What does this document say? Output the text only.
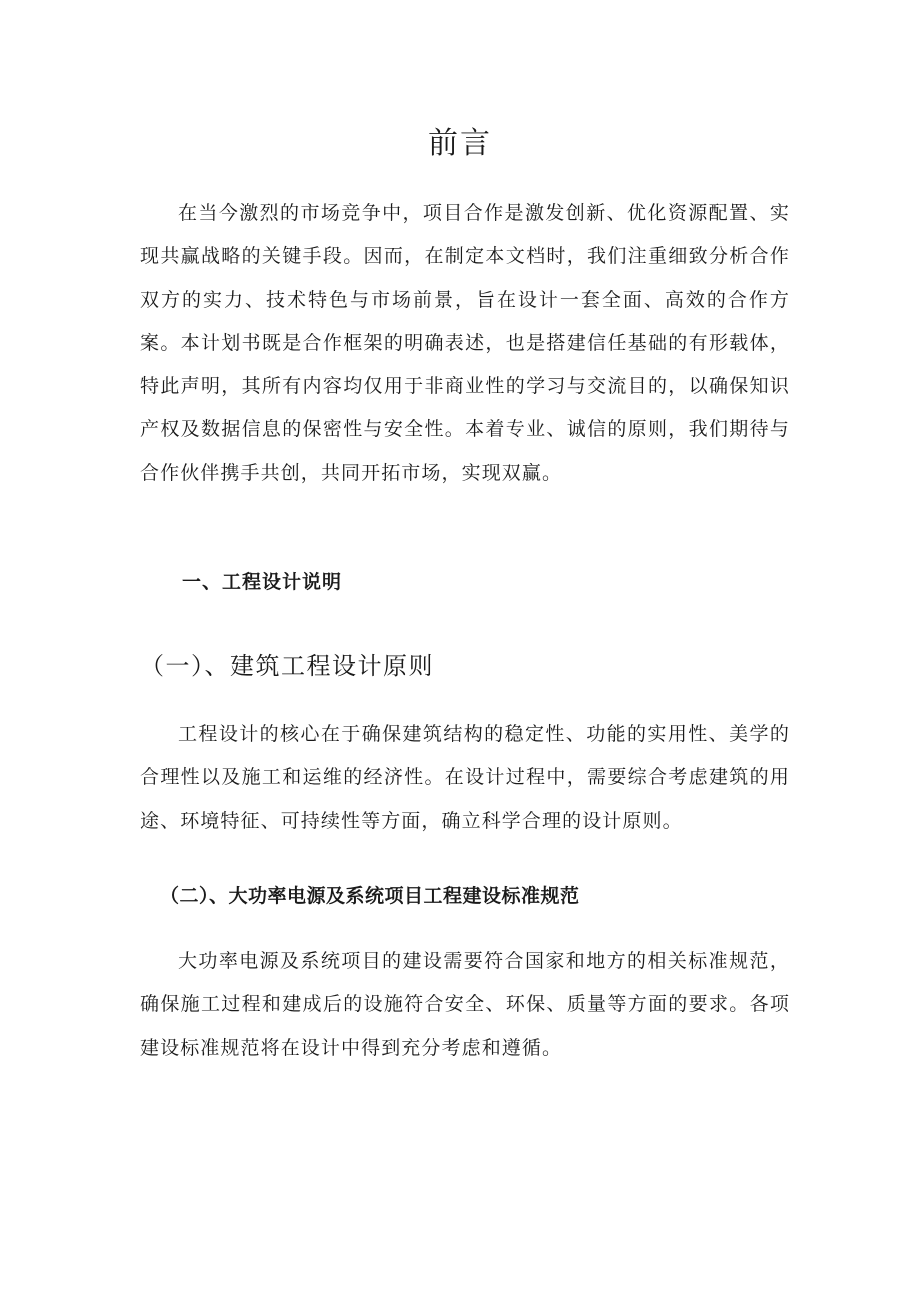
前言

在当今激烈的市场竞争中，项目合作是激发创新、优化资源配置、实现共赢战略的关键手段。因而，在制定本文档时，我们注重细致分析合作双方的实力、技术特色与市场前景，旨在设计一套全面、高效的合作方案。本计划书既是合作框架的明确表述，也是搭建信任基础的有形载体，特此声明，其所有内容均仅用于非商业性的学习与交流目的，以确保知识产权及数据信息的保密性与安全性。本着专业、诚信的原则，我们期待与合作伙伴携手共创，共同开拓市场，实现双赢。

一、工程设计说明
（一）、建筑工程设计原则

工程设计的核心在于确保建筑结构的稳定性、功能的实用性、美学的合理性以及施工和运维的经济性。在设计过程中，需要综合考虑建筑的用途、环境特征、可持续性等方面，确立科学合理的设计原则。

（二）、大功率电源及系统项目工程建设标准规范

大功率电源及系统项目的建设需要符合国家和地方的相关标准规范，确保施工过程和建成后的设施符合安全、环保、质量等方面的要求。各项建设标准规范将在设计中得到充分考虑和遵循。
